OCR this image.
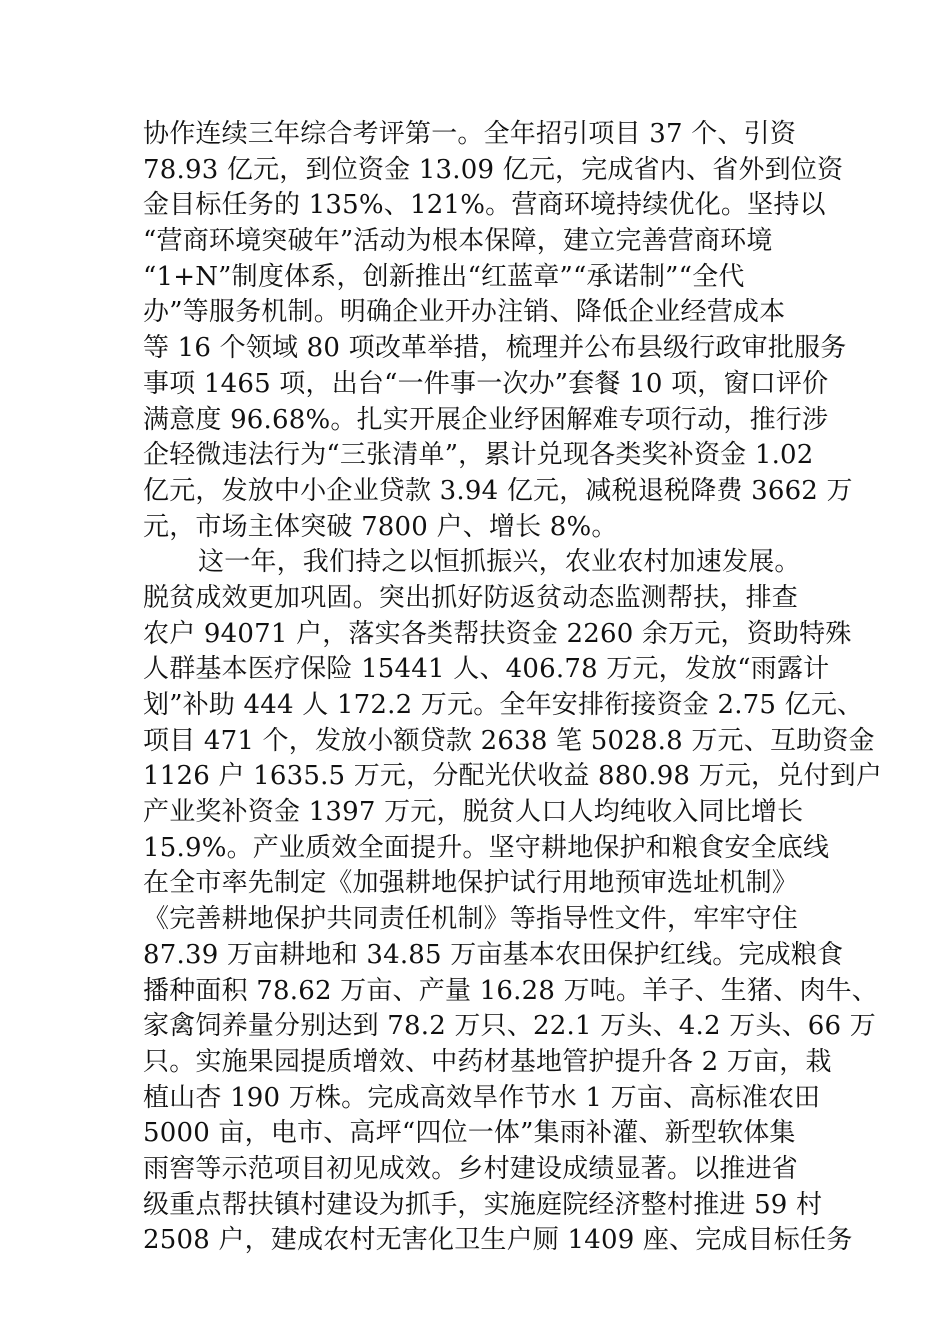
协作连续三年综合考评第一。全年招引项目 37 个、引资
78.93 亿元，到位资金 13.09 亿元，完成省内、省外到位资
金目标任务的 135%、121%。营商环境持续优化。坚持以
“营商环境突破年”活动为根本保障，建立完善营商环境
“1+N”制度体系，创新推出“红蓝章”“承诺制”“全代
办”等服务机制。明确企业开办注销、降低企业经营成本
等 16 个领域 80 项改革举措，梳理并公布县级行政审批服务
事项 1465 项，出台“一件事一次办”套餐 10 项，窗口评价
满意度 96.68%。扎实开展企业纾困解难专项行动，推行涉
企轻微违法行为“三张清单”，累计兑现各类奖补资金 1.02
亿元，发放中小企业贷款 3.94 亿元，减税退税降费 3662 万
元，市场主体突破 7800 户、增长 8%。
这一年，我们持之以恒抓振兴，农业农村加速发展。
脱贫成效更加巩固。突出抓好防返贫动态监测帮扶，排查
农户 94071 户，落实各类帮扶资金 2260 余万元，资助特殊
人群基本医疗保险 15441 人、406.78 万元，发放“雨露计
划”补助 444 人 172.2 万元。全年安排衔接资金 2.75 亿元、
项目 471 个，发放小额贷款 2638 笔 5028.8 万元、互助资金
1126 户 1635.5 万元，分配光伏收益 880.98 万元，兑付到户
产业奖补资金 1397 万元，脱贫人口人均纯收入同比增长
15.9%。产业质效全面提升。坚守耕地保护和粮食安全底线
在全市率先制定《加强耕地保护试行用地预审选址机制》
《完善耕地保护共同责任机制》等指导性文件，牢牢守住
87.39 万亩耕地和 34.85 万亩基本农田保护红线。完成粮食
播种面积 78.62 万亩、产量 16.28 万吨。羊子、生猪、肉牛、
家禽饲养量分别达到 78.2 万只、22.1 万头、4.2 万头、66 万
只。实施果园提质增效、中药材基地管护提升各 2 万亩，栽
植山杏 190 万株。完成高效旱作节水 1 万亩、高标准农田
5000 亩，电市、高坪“四位一体”集雨补灌、新型软体集
雨窖等示范项目初见成效。乡村建设成绩显著。以推进省
级重点帮扶镇村建设为抓手，实施庭院经济整村推进 59 村
2508 户，建成农村无害化卫生户厕 1409 座、完成目标任务
